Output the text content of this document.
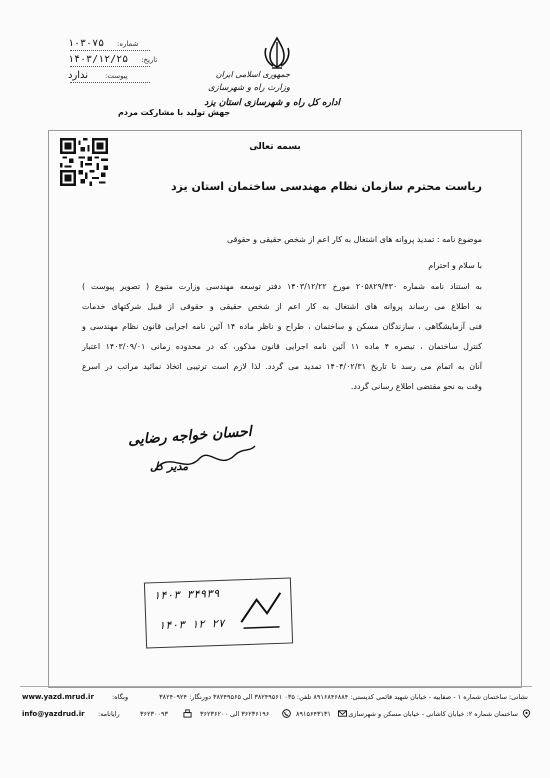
جمهوری اسلامی ایران
وزارت راه و شهرسازی
اداره کل راه و شهرسازی استان یزد
شماره: ۱۰۳۰۷۵
تاریخ: ۱۴۰۳/۱۲/۲۵
پیوست: ندارد
جهش تولید با مشارکت مردم
بسمه تعالی
ریاست محترم سازمان نظام مهندسی ساختمان استان یزد
موضوع نامه : تمدید پروانه های اشتغال به کار اعم از شخص حقیقی و حقوقی
با سلام و احترام
به استناد نامه شماره ۲۰۵۸۲۹/۴۳۰ مورخ ۱۴۰۳/۱۲/۲۲ دفتر توسعه مهندسی وزارت متبوع ( تصویر پیوست )
به اطلاع می رساند پروانه های اشتغال به کار اعم از شخص حقیقی و حقوقی از قبیل شرکتهای خدمات
فنی آزمایشگاهی ، سازندگان مسکن و ساختمان ، طراح و ناظر ماده ۱۴ آئین نامه اجرایی قانون نظام مهندسی و
کنترل ساختمان ، تبصره ۴ ماده ۱۱ آئین نامه اجرایی قانون مذکور، که در محدوده زمانی ۱۴۰۳/۰۹/۰۱ اعتبار
آنان به اتمام می رسد تا تاریخ ۱۴۰۴/۰۲/۳۱ تمدید می گردد. لذا لازم است ترتیبی اتخاذ نمائید مراتب در اسرع
وقت به نحو مقتضی اطلاع رسانی گردد.
احسان خواجه رضایی
مدیر کل
۱۴۰۳ ۳۴۹۳۹
۱۴۰۳ ۱۲ ۲۷
نشانی: ساختمان شماره ۱ - صفاییه - خیابان شهید قائمی کدپستی: ۸۹۱۶۸۴۶۸۸۴ تلفن: ۰۳۵ ۳۸۲۴۹۵۶۱ الی ۳۸۲۴۹۵۶۵ دورنگار: ۳۸۲۴۰۹۲۴
www.yazd.mrud.ir	وبگاه:
ساختمان شماره ۲: خیابان کاشانی - خیابان مسکن و شهرسازی
۸۹۱۵۶۴۳۱۳۱
۳۶۲۳۶۱۹۶ الی ۳۶۲۳۶۲۰۰
۳۶۲۳۰۰۹۳
info@yazdrud.ir رایانامه:
